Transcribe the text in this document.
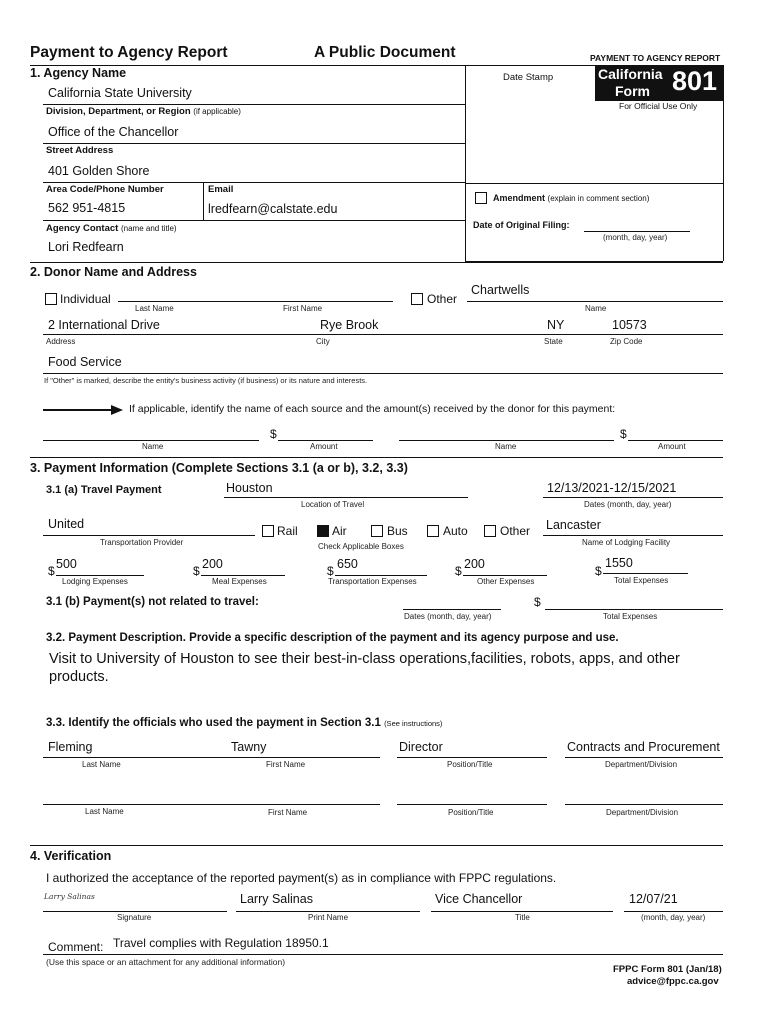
Payment to Agency Report	A Public Document	PAYMENT TO AGENCY REPORT
California
Form 801
For Official Use Only
Date Stamp
1. Agency Name
California State University
Division, Department, or Region (if applicable)
Office of the Chancellor
Street Address
401 Golden Shore
Area Code/Phone Number	Email
562 951-4815	lredfearn@calstate.edu
Agency Contact (name and title)
Lori Redfearn
Amendment (explain in comment section)
Date of Original Filing:
(month, day, year)
2. Donor Name and Address
Individual
Last Name	First Name
Other
Chartwells
Name
2 International Drive	Rye Brook	NY	10573
Address	City	State	Zip Code
Food Service
If "Other" is marked, describe the entity's business activity (if business) or its nature and interests.
If applicable, identify the name of each source and the amount(s) received by the donor for this payment:
$
Name	Amount
$
Name	Amount
3. Payment Information (Complete Sections 3.1 (a or b), 3.2, 3.3)
3.1 (a) Travel Payment	Houston
Location of Travel
12/13/2021-12/15/2021
Dates (month, day, year)
United
Transportation Provider
Rail	Air	Bus	Auto	Other
Check Applicable Boxes
Lancaster
Name of Lodging Facility
$ 500
Lodging Expenses
$ 200
Meal Expenses
$ 650
Transportation Expenses
$ 200
Other Expenses
$
1550
Total Expenses
3.1 (b) Payment(s) not related to travel:
Dates (month, day, year)
$
Total Expenses
3.2. Payment Description. Provide a specific description of the payment and its agency purpose and use.
Visit to University of Houston to see their best-in-class operations,facilities, robots, apps, and other
products.
3.3. Identify the officials who used the payment in Section 3.1 (See instructions)
Fleming	Tawny	Director	Contracts and Procurement
Last Name	First Name	Position/Title	Department/Division
Last Name	First Name	Position/Title	Department/Division
4. Verification
I authorized the acceptance of the reported payment(s) as in compliance with FPPC regulations.
Larry Salinas	Larry Salinas	Vice Chancellor	12/07/21
Signature	Print Name	Title	(month, day, year)
Comment: Travel complies with Regulation 18950.1
(Use this space or an attachment for any additional information)
FPPC Form 801 (Jan/18)
advice@fppc.ca.gov
